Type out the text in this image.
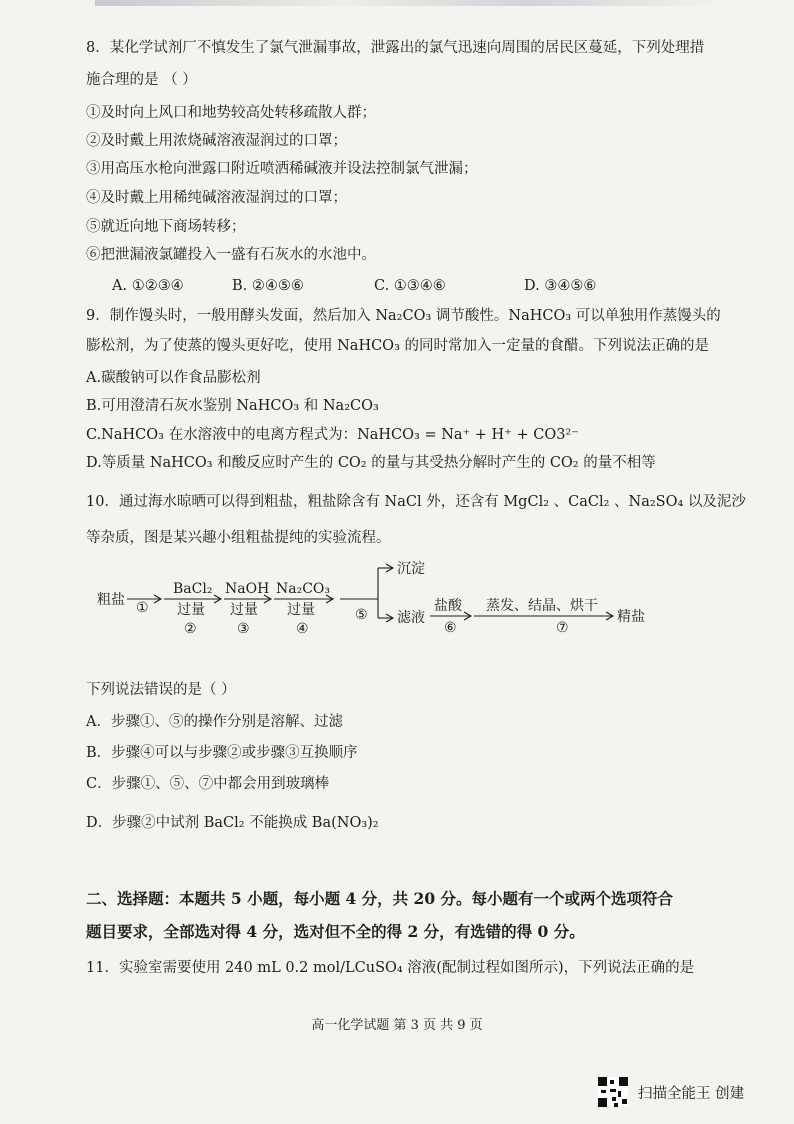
8．某化学试剂厂不慎发生了氯气泄漏事故，泄露出的氯气迅速向周围的居民区蔓延，下列处理措
施合理的是 （ ）
①及时向上风口和地势较高处转移疏散人群；
②及时戴上用浓烧碱溶液湿润过的口罩；
③用高压水枪向泄露口附近喷洒稀碱液并设法控制氯气泄漏；
④及时戴上用稀纯碱溶液湿润过的口罩；
⑤就近向地下商场转移；
⑥把泄漏液氯罐投入一盛有石灰水的水池中。
A. ①②③④	B. ②④⑤⑥	C. ①③④⑥	D. ③④⑤⑥
9．制作馒头时，一般用酵头发面，然后加入 Na₂CO₃ 调节酸性。NaHCO₃ 可以单独用作蒸馒头的
膨松剂，为了使蒸的馒头更好吃，使用 NaHCO₃ 的同时常加入一定量的食醋。下列说法正确的是
A.碳酸钠可以作食品膨松剂
B.可用澄清石灰水鉴别 NaHCO₃ 和 Na₂CO₃
C.NaHCO₃ 在水溶液中的电离方程式为：NaHCO₃ = Na⁺ + H⁺ + CO3²⁻
D.等质量 NaHCO₃ 和酸反应时产生的 CO₂ 的量与其受热分解时产生的 CO₂ 的量不相等
10．通过海水晾晒可以得到粗盐，粗盐除含有 NaCl 外，还含有 MgCl₂ 、CaCl₂ 、Na₂SO₄ 以及泥沙
等杂质，图是某兴趣小组粗盐提纯的实验流程。
粗盐 ①
BaCl₂
过量
②
NaOH
过量
③
Na₂CO₃
过量
④
⑤
沉淀
滤液
盐酸
⑥
蒸发、结晶、烘干
⑦
精盐
下列说法错误的是（ ）
A．步骤①、⑤的操作分别是溶解、过滤
B．步骤④可以与步骤②或步骤③互换顺序
C．步骤①、⑤、⑦中都会用到玻璃棒
D．步骤②中试剂 BaCl₂ 不能换成 Ba(NO₃)₂
二、选择题：本题共 5 小题，每小题 4 分，共 20 分。每小题有一个或两个选项符合
题目要求，全部选对得 4 分，选对但不全的得 2 分，有选错的得 0 分。
11．实验室需要使用 240 mL 0.2 mol/LCuSO₄ 溶液(配制过程如图所示)，下列说法正确的是
高一化学试题 第 3 页 共 9 页
扫描全能王 创建
